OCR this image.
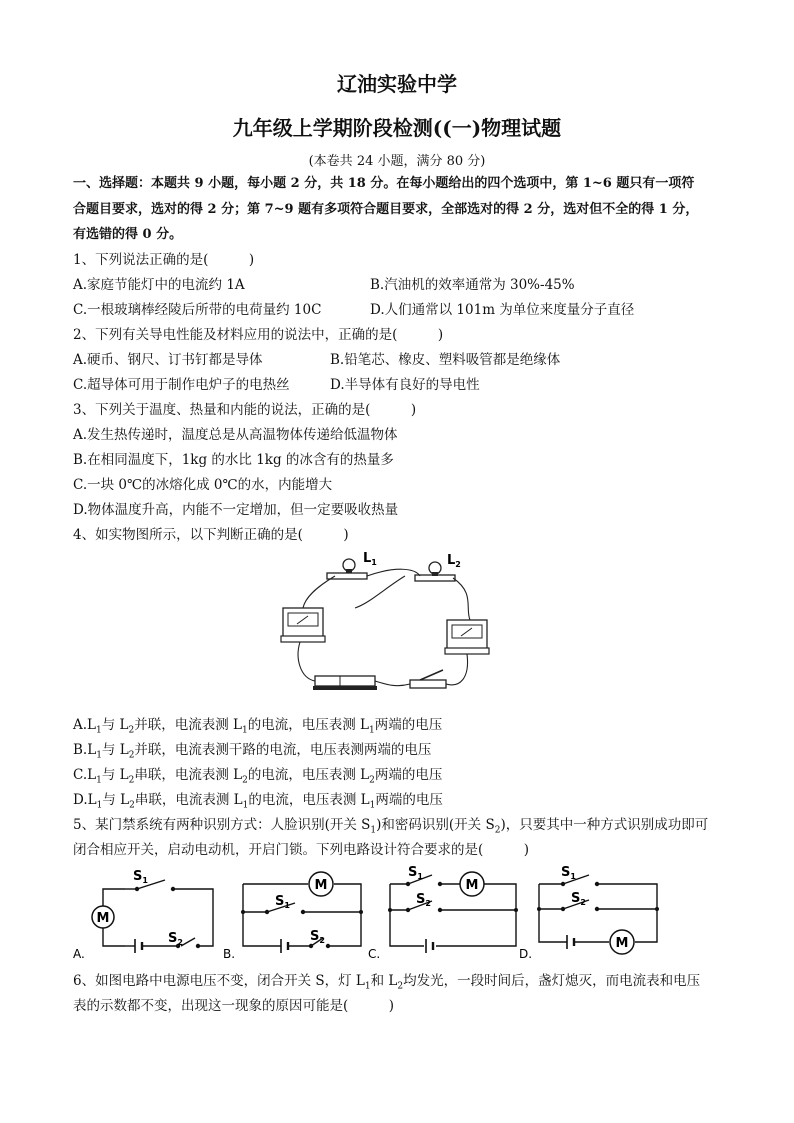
辽油实验中学
九年级上学期阶段检测((一)物理试题
(本卷共 24 小题，满分 80 分)
一、选择题：本题共 9 小题，每小题 2 分，共 18 分。在每小题给出的四个选项中，第 1~6 题只有一项符
合题目要求，选对的得 2 分；第 7~9 题有多项符合题目要求，全部选对的得 2 分，选对但不全的得 1 分，
有选错的得 0 分。
1、下列说法正确的是(　　　)
A.家庭节能灯中的电流约 1A	B.汽油机的效率通常为 30%-45%
C.一根玻璃棒经陵后所带的电荷量约 10C	D.人们通常以 101m 为单位来度量分子直径
2、下列有关导电性能及材料应用的说法中，正确的是(　　　)
A.硬币、钢尺、订书钉都是导体	B.铅笔芯、橡皮、塑料吸管都是绝缘体
C.超导体可用于制作电炉子的电热丝	D.半导体有良好的导电性
3、下列关于温度、热量和内能的说法，正确的是(　　　)
A.发生热传递时，温度总是从高温物体传递给低温物体
B.在相同温度下，1kg 的水比 1kg 的冰含有的热量多
C.一块 0℃的冰熔化成 0℃的水，内能增大
D.物体温度升高，内能不一定增加，但一定要吸收热量
4、如实物图所示，以下判断正确的是(　　　)
$L_1$	$L_2$
$A.L_1$与 $L_2$并联，电流表测 $L_1$的电流，电压表测 $L_1$两端的电压
$B.L_1$与 $L_2$并联，电流表测干路的电流，电压表测两端的电压
$C.L_1$与 $L_2$串联，电流表测 $L_2$的电流，电压表测 $L_2$两端的电压
$D.L_1$与 $L_2$串联，电流表测 $L_1$的电流，电压表测 $L_1$两端的电压
5、某门禁系统有两种识别方式：人脸识别(开关 $S_1$)和密码识别(开关 $S_2$)，只要其中一种方式识别成功即可
闭合相应开关，启动电动机，开启门锁。下列电路设计符合要求的是(　　　)
M
$S_1$
$S_2$
A.
M
$S_1$
$S_2$
B.
M
$S_1$
$S_2$
C.
M
$S_1$
$S_2$
D.
6、如图电路中电源电压不变，闭合开关 S，灯 $L_1$和 $L_2$均发光，一段时间后，盏灯熄灭，而电流表和电压
表的示数都不变，出现这一现象的原因可能是(　　　)
